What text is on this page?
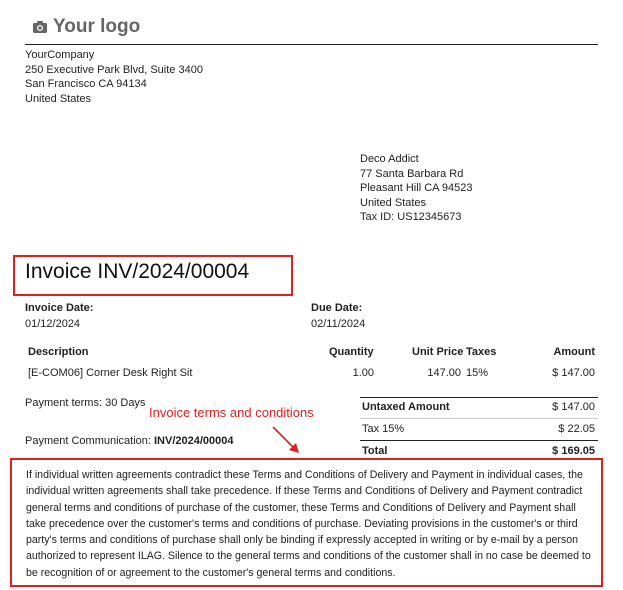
Your logo
YourCompany
250 Executive Park Blvd, Suite 3400
San Francisco CA 94134
United States
Deco Addict
77 Santa Barbara Rd
Pleasant Hill CA 94523
United States
Tax ID: US12345673
Invoice INV/2024/00004
Invoice Date:
01/12/2024
Due Date:
02/11/2024
Description	Quantity	Unit Price Taxes	Amount
[E-COM06] Corner Desk Right Sit	1.00	147.00 15%	$ 147.00
Payment terms: 30 Days
Payment Communication: INV/2024/00004
Untaxed Amount	$ 147.00
Tax 15%	$ 22.05
Total	$ 169.05
Invoice terms and conditions
If individual written agreements contradict these Terms and Conditions of Delivery and Payment in individual cases, the individual written agreements shall take precedence. If these Terms and Conditions of Delivery and Payment contradict general terms and conditions of purchase of the customer, these Terms and Conditions of Delivery and Payment shall take precedence over the customer's terms and conditions of purchase. Deviating provisions in the customer's or third party's terms and conditions of purchase shall only be binding if expressly accepted in writing or by e-mail by a person authorized to represent ILAG. Silence to the general terms and conditions of the customer shall in no case be deemed to be recognition of or agreement to the customer's general terms and conditions.
